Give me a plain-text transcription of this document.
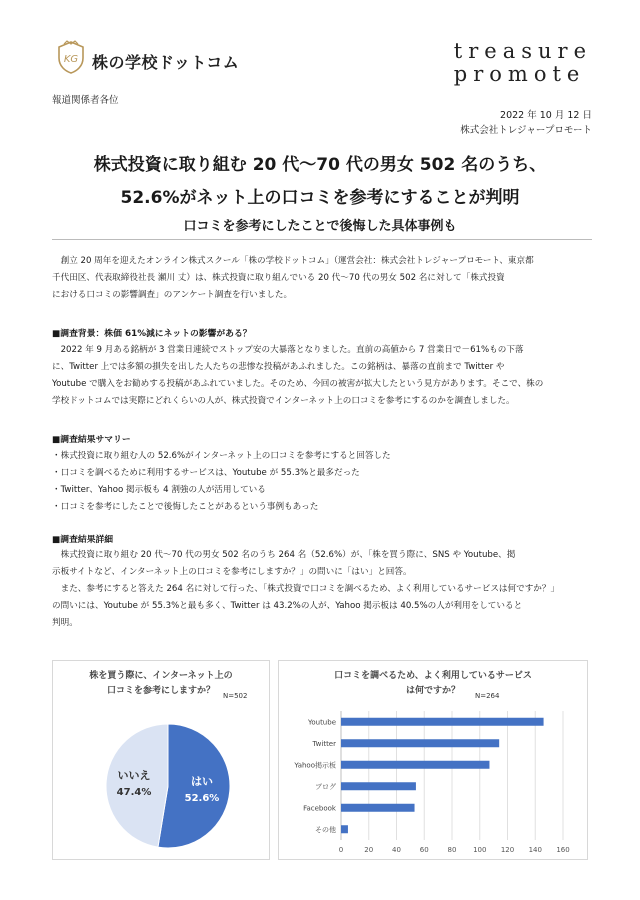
KG 株の学校ドットコム	treasure
promote
報道関係者各位
2022 年 10 月 12 日
株式会社トレジャープロモート
株式投資に取り組む 20 代～70 代の男女 502 名のうち、
52.6%がネット上の口コミを参考にすることが判明
口コミを参考にしたことで後悔した具体事例も
　創立 20 周年を迎えたオンライン株式スクール「株の学校ドットコム」（運営会社：株式会社トレジャープロモート、東京都
千代田区、代表取締役社長 瀬川 丈）は、株式投資に取り組んでいる 20 代～70 代の男女 502 名に対して「株式投資
における口コミの影響調査」のアンケート調査を行いました。
■調査背景：株価 61%減にネットの影響がある？
　2022 年 9 月ある銘柄が 3 営業日連続でストップ安の大暴落となりました。直前の高値から 7 営業日で－61%もの下落
に、Twitter 上では多額の損失を出した人たちの悲惨な投稿があふれました。この銘柄は、暴落の直前まで Twitter や
Youtube で購入をお勧めする投稿があふれていました。そのため、今回の被害が拡大したという見方があります。そこで、株の
学校ドットコムでは実際にどれくらいの人が、株式投資でインターネット上の口コミを参考にするのかを調査しました。
■調査結果サマリー
・株式投資に取り組む人の 52.6%がインターネット上の口コミを参考にすると回答した
・口コミを調べるために利用するサービスは、Youtube が 55.3%と最多だった
・Twitter、Yahoo 掲示板も 4 割強の人が活用している
・口コミを参考にしたことで後悔したことがあるという事例もあった
■調査結果詳細
　株式投資に取り組む 20 代～70 代の男女 502 名のうち 264 名（52.6%）が、「株を買う際に、SNS や Youtube、掲
示板サイトなど、インターネット上の口コミを参考にしますか？」の問いに「はい」と回答。
　また、参考にすると答えた 264 名に対して行った、「株式投資で口コミを調べるため、よく利用しているサービスは何ですか？」
の問いには、Youtube が 55.3%と最も多く、Twitter は 43.2%の人が、Yahoo 掲示板は 40.5%の人が利用をしていると
判明。
株を買う際に、インターネット上の
口コミを参考にしますか？	N=502
はい
52.6%
いいえ
47.4%
口コミを調べるため、よく利用しているサービス
は何ですか？	N=264
0	20	40	60	80 100 120 140 160
Youtube
Twitter
Yahoo掲示板
ブログ
Facebook
その他
